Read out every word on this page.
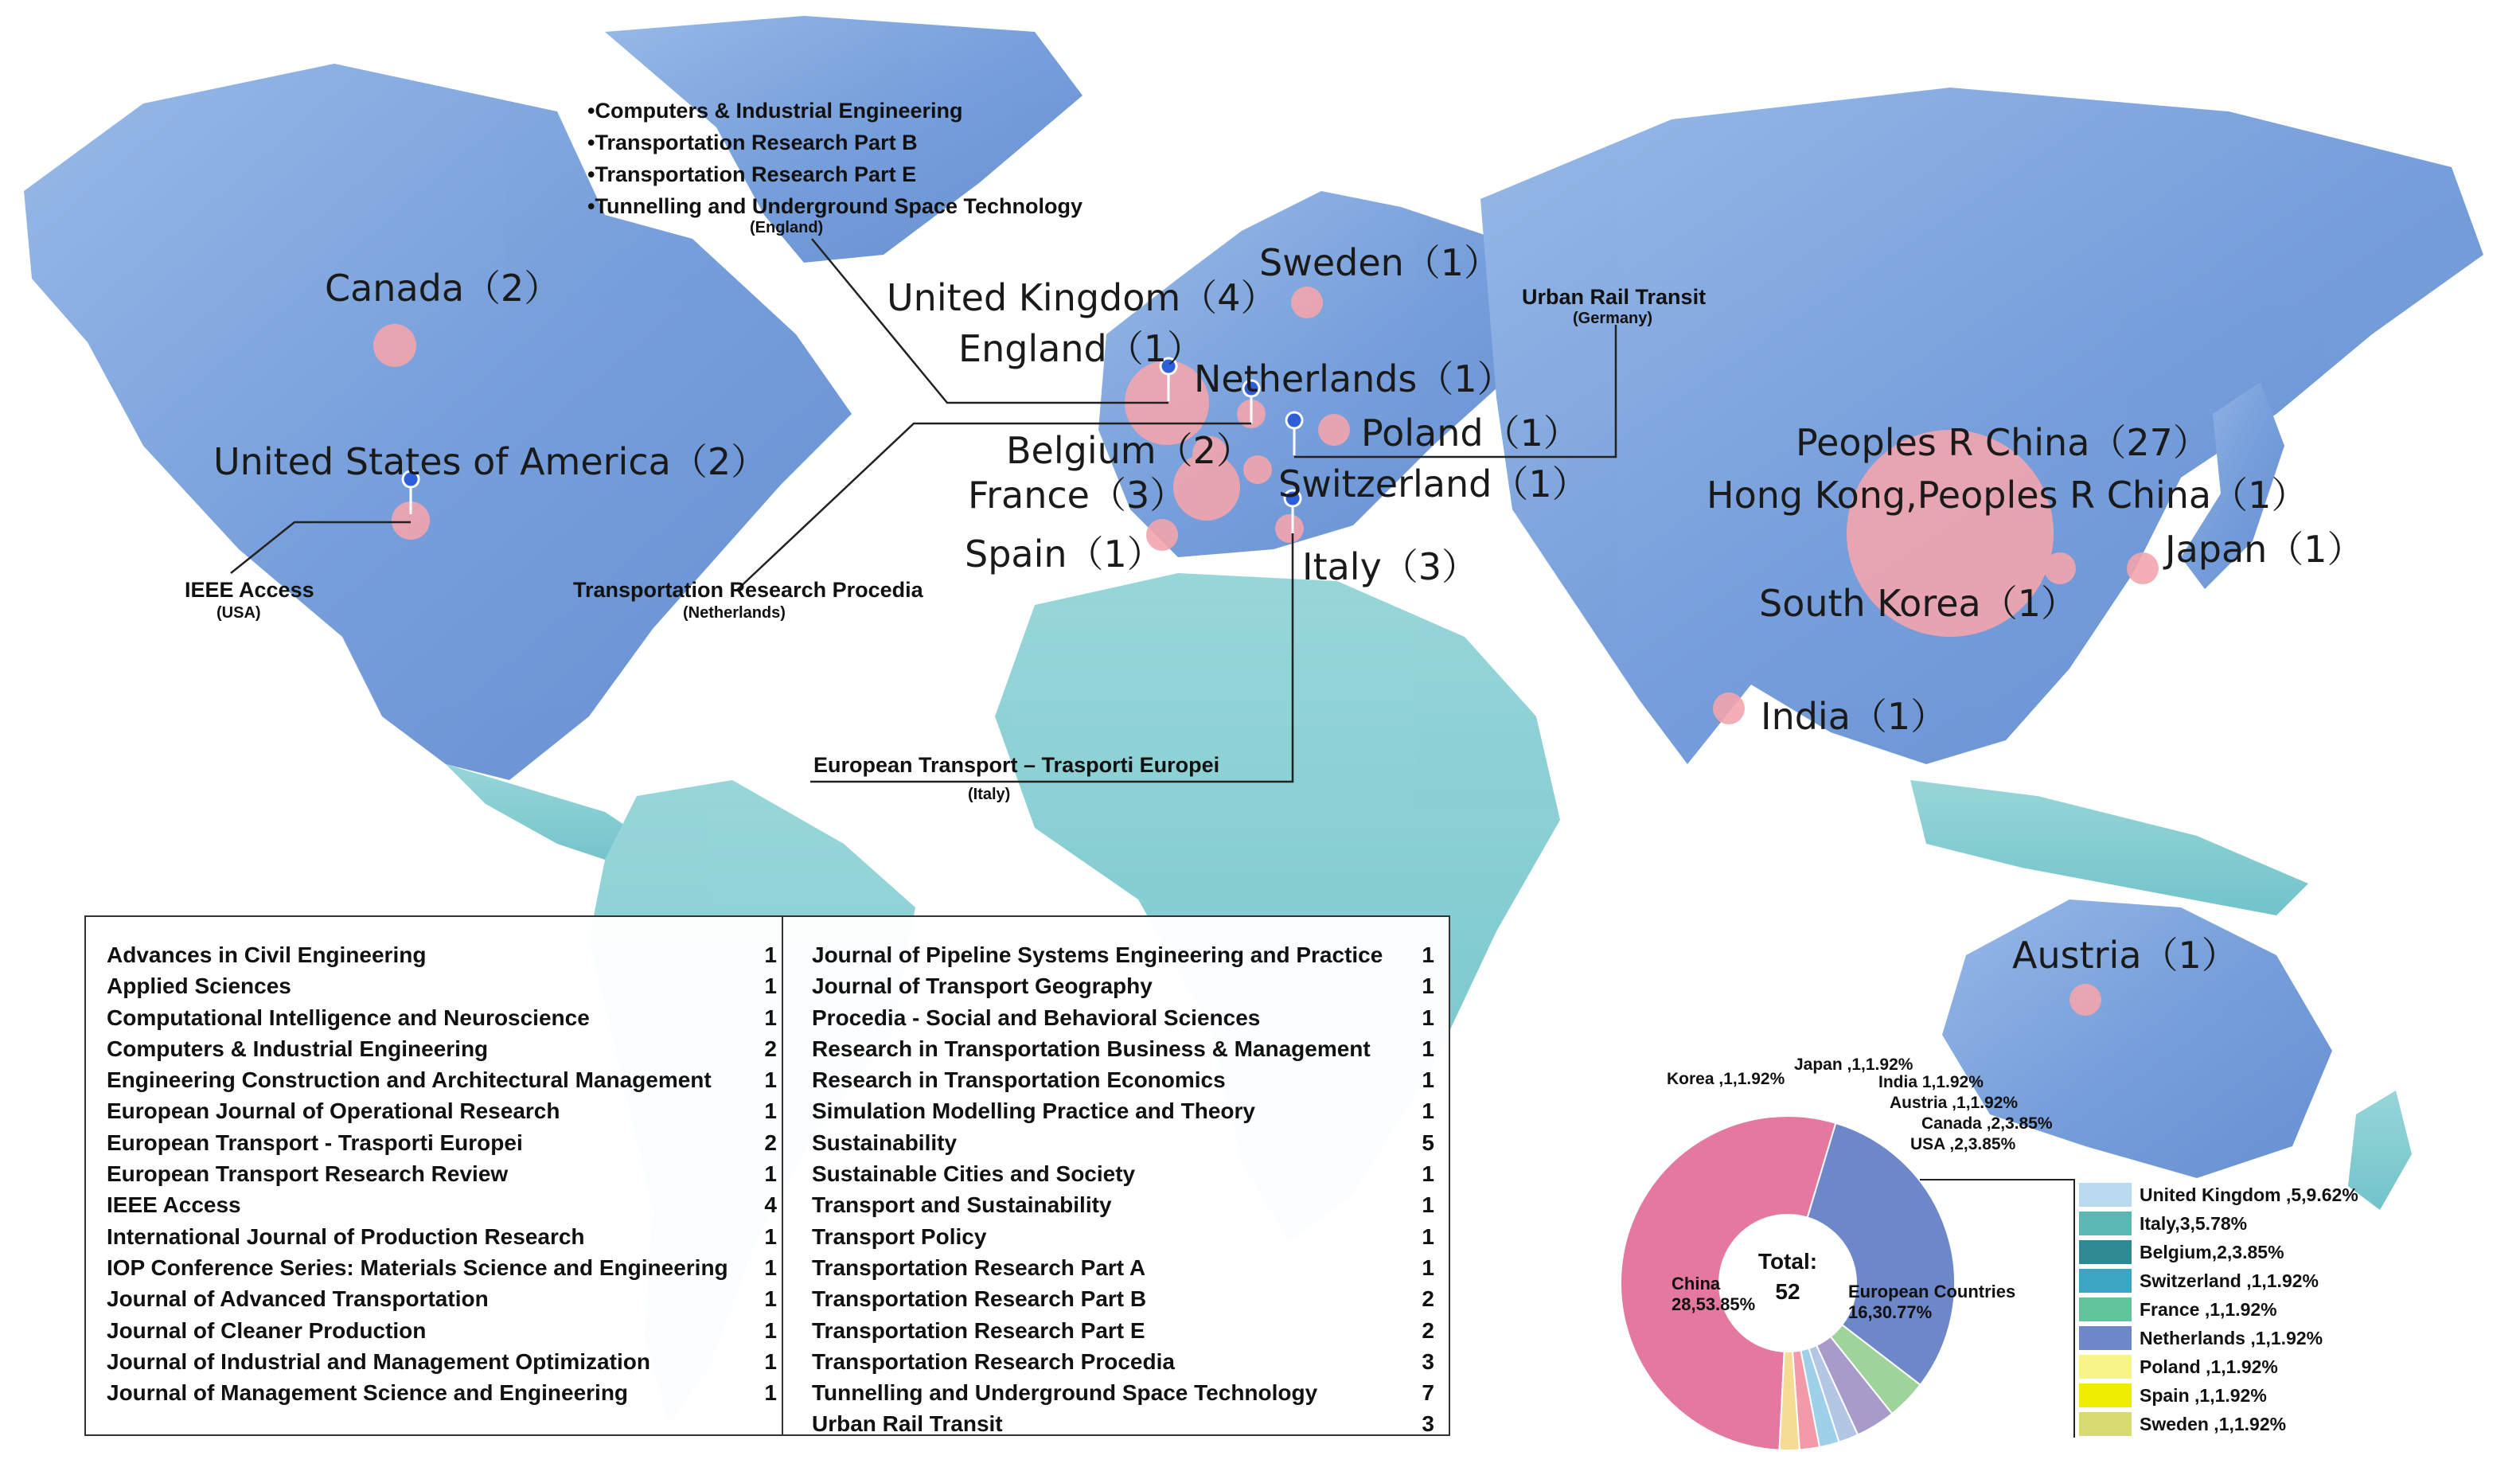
Canada（2）
United States of America（2）
United Kingdom（4）
England（1）
Sweden（1）
Netherlands（1）
Belgium（2）	Poland（1）
France（3）	Switzerland（1）
Spain（1）	Italy（3）
Peoples R China（27）
Hong Kong,Peoples R China（1）
Japan（1）
South Korea（1）
India（1）
Austria（1）
•Computers & Industrial Engineering
•Transportation Research Part B
•Transportation Research Part E
•Tunnelling and Underground Space Technology
(England)
Urban Rail Transit
(Germany)
IEEE Access
(USA)
Transportation Research Procedia
(Netherlands)
European Transport – Trasporti Europei
(Italy)
China 28,53.85%
European Countries 16,30.77%
USA ,2,3.85%
Canada ,2,3.85%
Austria ,1,1.92%
India 1,1.92%
Japan ,1,1.92%
Korea ,1,1.92%
Total:
52
United Kingdom ,5,9.62%
Italy,3,5.78%
Belgium,2,3.85%
Switzerland ,1,1.92%
France ,1,1.92%
Netherlands ,1,1.92%
Poland ,1,1.92%
Spain ,1,1.92%
Sweden ,1,1.92%
Advances in Civil Engineering	1
Applied Sciences	1
Computational Intelligence and Neuroscience	1
Computers & Industrial Engineering	2
Engineering Construction and Architectural Management	1
European Journal of Operational Research	1
European Transport - Trasporti Europei	2
European Transport Research Review	1
IEEE Access	4
International Journal of Production Research	1
IOP Conference Series: Materials Science and Engineering	1
Journal of Advanced Transportation	1
Journal of Cleaner Production	1
Journal of Industrial and Management Optimization	1
Journal of Management Science and Engineering	1
Journal of Pipeline Systems Engineering and Practice	1
Journal of Transport Geography	1
Procedia - Social and Behavioral Sciences	1
Research in Transportation Business & Management	1
Research in Transportation Economics	1
Simulation Modelling Practice and Theory	1
Sustainability	5
Sustainable Cities and Society	1
Transport and Sustainability	1
Transport Policy	1
Transportation Research Part A	1
Transportation Research Part B	2
Transportation Research Part E	2
Transportation Research Procedia	3
Tunnelling and Underground Space Technology	7
Urban Rail Transit	3
